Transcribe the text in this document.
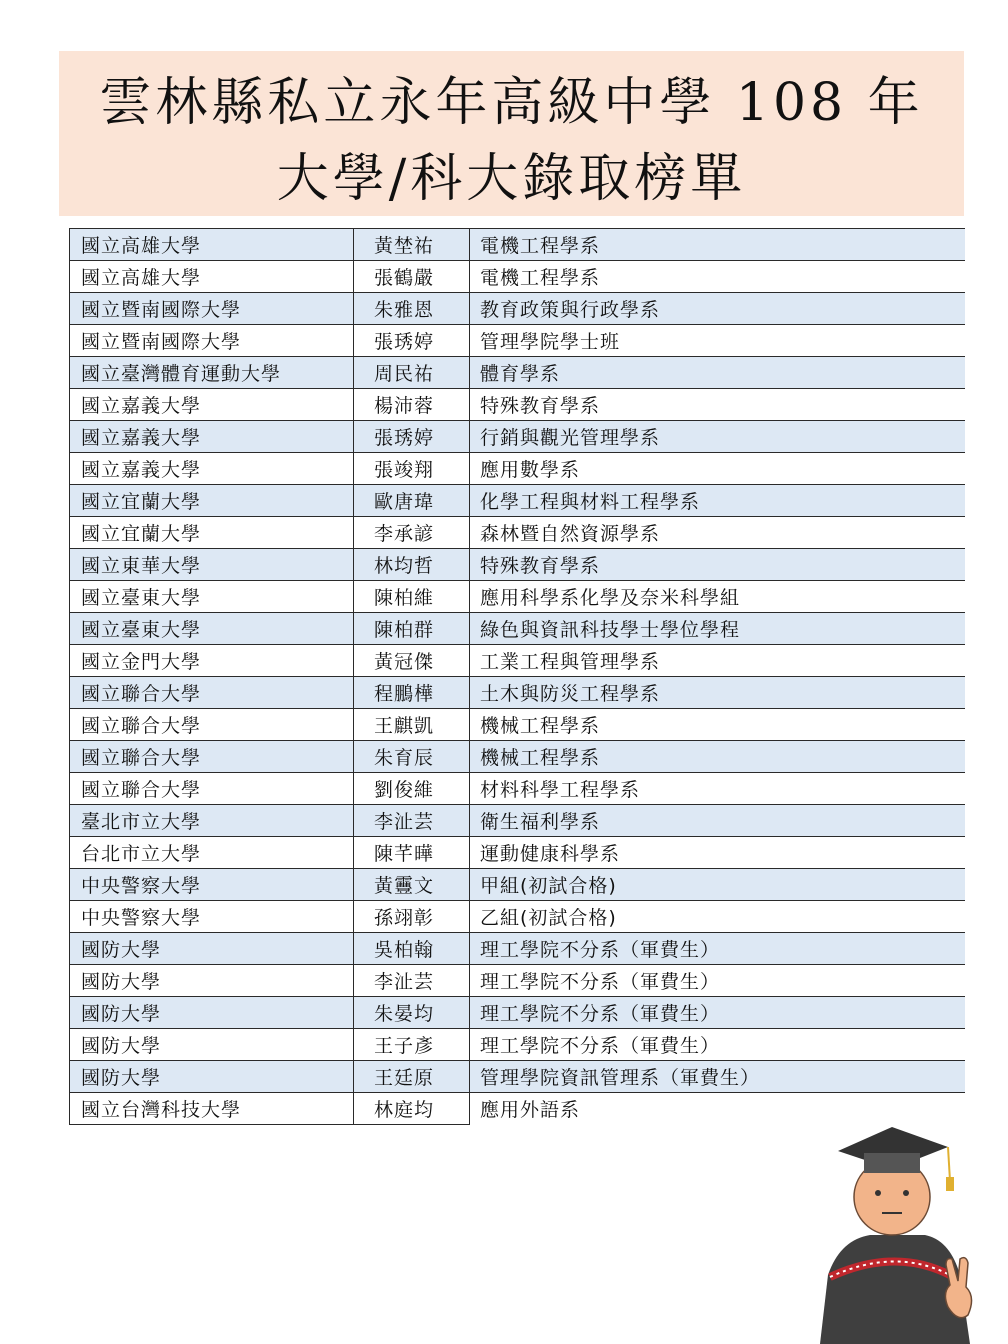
雲林縣私立永年高級中學 108 年
大學/科大錄取榜單
國立高雄大學	黃埜祐	電機工程學系
國立高雄大學	張鶴嚴	電機工程學系
國立暨南國際大學	朱雅恩	教育政策與行政學系
國立暨南國際大學	張琇婷	管理學院學士班
國立臺灣體育運動大學	周民祐	體育學系
國立嘉義大學	楊沛蓉	特殊教育學系
國立嘉義大學	張琇婷	行銷與觀光管理學系
國立嘉義大學	張竣翔	應用數學系
國立宜蘭大學	歐唐瑋	化學工程與材料工程學系
國立宜蘭大學	李承諺	森林暨自然資源學系
國立東華大學	林均哲	特殊教育學系
國立臺東大學	陳柏維	應用科學系化學及奈米科學組
國立臺東大學	陳柏群	綠色與資訊科技學士學位學程
國立金門大學	黃冠傑	工業工程與管理學系
國立聯合大學	程鵬樺	土木與防災工程學系
國立聯合大學	王麒凱	機械工程學系
國立聯合大學	朱育辰	機械工程學系
國立聯合大學	劉俊維	材料科學工程學系
臺北市立大學	李沚芸	衛生福利學系
台北市立大學	陳芊曄	運動健康科學系
中央警察大學	黃靊文	甲組(初試合格)
中央警察大學	孫翊彰	乙組(初試合格)
國防大學	吳柏翰	理工學院不分系（軍費生）
國防大學	李沚芸	理工學院不分系（軍費生）
國防大學	朱晏均	理工學院不分系（軍費生）
國防大學	王子彥	理工學院不分系（軍費生）
國防大學	王廷原	管理學院資訊管理系（軍費生）
國立台灣科技大學	林庭均	應用外語系
